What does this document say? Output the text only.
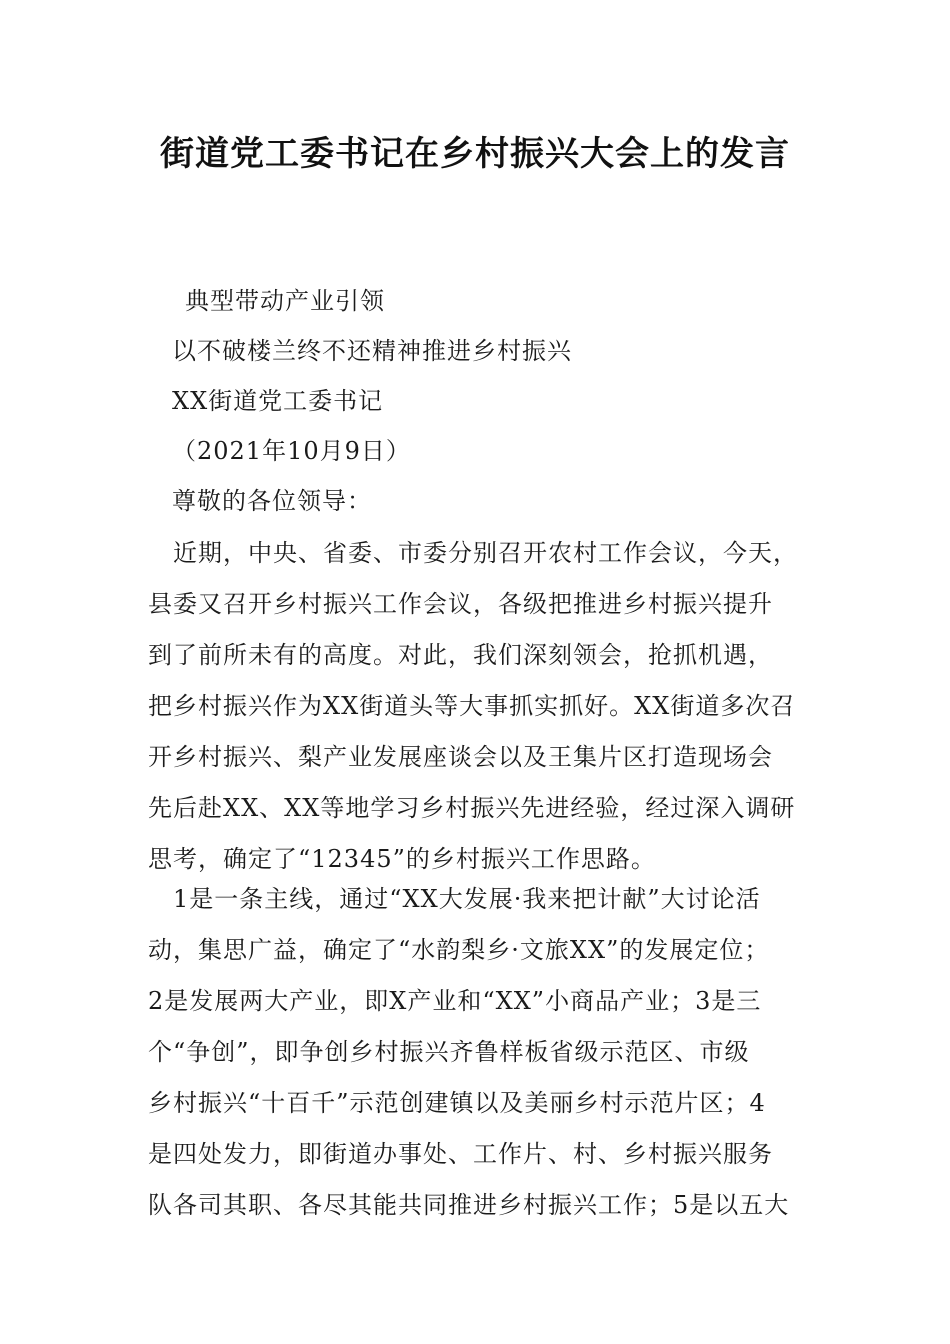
街道党工委书记在乡村振兴大会上的发言

典型带动产业引领

以不破楼兰终不还精神推进乡村振兴

XX街道党工委书记

（2021年10月9日）

尊敬的各位领导：

　近期，中央、省委、市委分别召开农村工作会议，今天，
县委又召开乡村振兴工作会议，各级把推进乡村振兴提升
到了前所未有的高度。对此，我们深刻领会，抢抓机遇，
把乡村振兴作为XX街道头等大事抓实抓好。XX街道多次召
开乡村振兴、梨产业发展座谈会以及王集片区打造现场会
先后赴XX、XX等地学习乡村振兴先进经验，经过深入调研
思考，确定了“12345”的乡村振兴工作思路。
　1是一条主线，通过“XX大发展·我来把计献”大讨论活
动，集思广益，确定了“水韵梨乡·文旅XX”的发展定位；
2是发展两大产业，即X产业和“XX”小商品产业；3是三
个“争创”，即争创乡村振兴齐鲁样板省级示范区、市级
乡村振兴“十百千”示范创建镇以及美丽乡村示范片区；4
是四处发力，即街道办事处、工作片、村、乡村振兴服务
队各司其职、各尽其能共同推进乡村振兴工作；5是以五大
